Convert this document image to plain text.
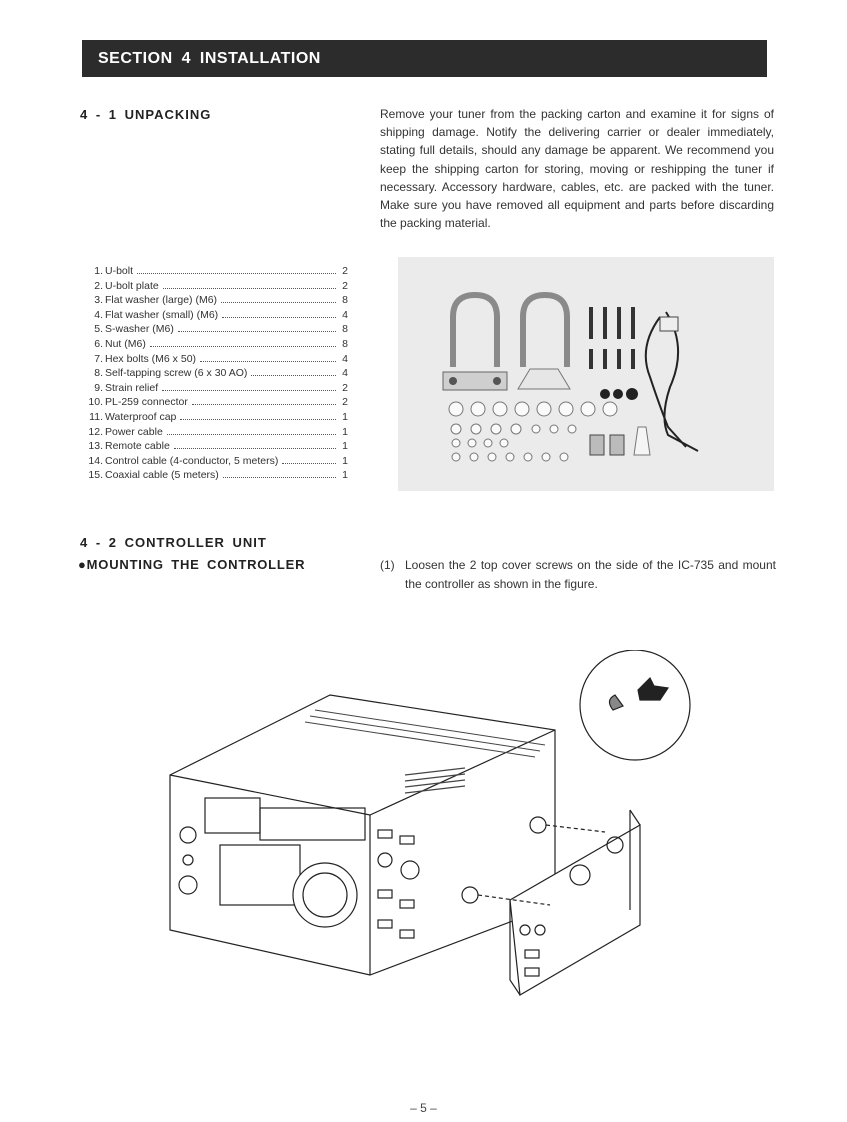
SECTION 4 INSTALLATION
4 - 1 UNPACKING	Remove your tuner from the packing carton and examine it for signs of shipping damage. Notify the delivering carrier or dealer immediately, stating full details, should any damage be apparent. We recommend you keep the shipping carton for storing, moving or reshipping the tuner if necessary. Accessory hardware, cables, etc. are packed with the tuner. Make sure you have removed all equipment and parts before discarding the packing material.
1. U-bolt	2
2. U-bolt plate	2
3. Flat washer (large) (M6)	8
4. Flat washer (small) (M6)	4
5. S-washer (M6)	8
6. Nut (M6)	8
7. Hex bolts (M6 x 50)	4
8. Self-tapping screw (6 x 30 AO)	4
9. Strain relief	2
10. PL-259 connector	2
11. Waterproof cap	1
12. Power cable	1
13. Remote cable	1
14. Control cable (4-conductor, 5 meters)	1
15. Coaxial cable (5 meters)	1
4 - 2 CONTROLLER UNIT
●MOUNTING THE CONTROLLER	(1) Loosen the 2 top cover screws on the side of the IC-735 and mount the controller as shown in the figure.
– 5 –
